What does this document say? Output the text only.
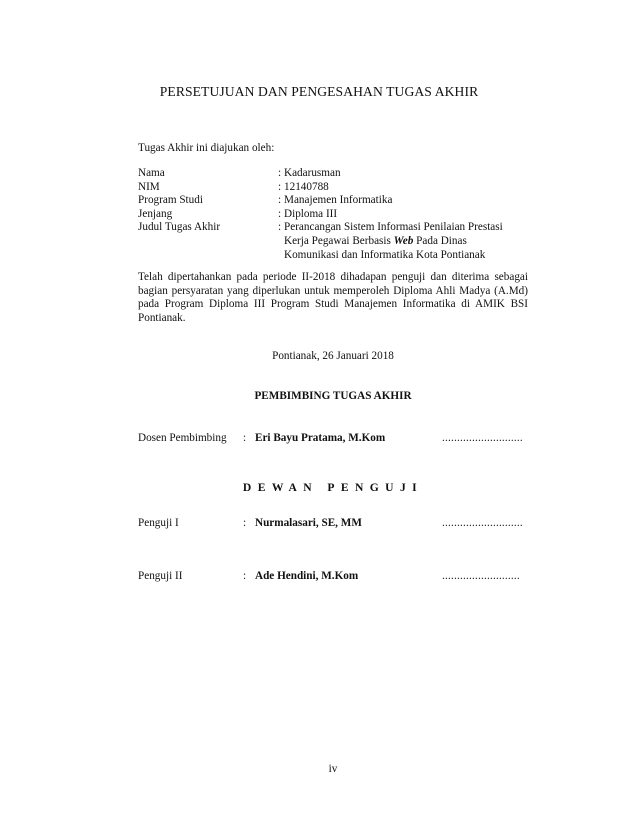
PERSETUJUAN DAN PENGESAHAN TUGAS AKHIR
Tugas Akhir ini diajukan oleh:
Nama	: Kadarusman
NIM	: 12140788
Program Studi	: Manajemen Informatika
Jenjang	: Diploma III
Judul Tugas Akhir	: Perancangan Sistem Informasi Penilaian Prestasi
Kerja Pegawai Berbasis Web Pada Dinas
Komunikasi dan Informatika Kota Pontianak
Telah dipertahankan pada periode II-2018 dihadapan penguji dan diterima sebagai bagian persyaratan yang diperlukan untuk memperoleh Diploma Ahli Madya (A.Md) pada Program Diploma III Program Studi Manajemen Informatika di AMIK BSI Pontianak.
Pontianak, 26 Januari 2018
PEMBIMBING TUGAS AKHIR
Dosen Pembimbing : Eri Bayu Pratama, M.Kom	...........................
DEWAN PENGUJI
Penguji I	: Nurmalasari, SE, MM	...........................
Penguji II	: Ade Hendini, M.Kom	..........................
iv
